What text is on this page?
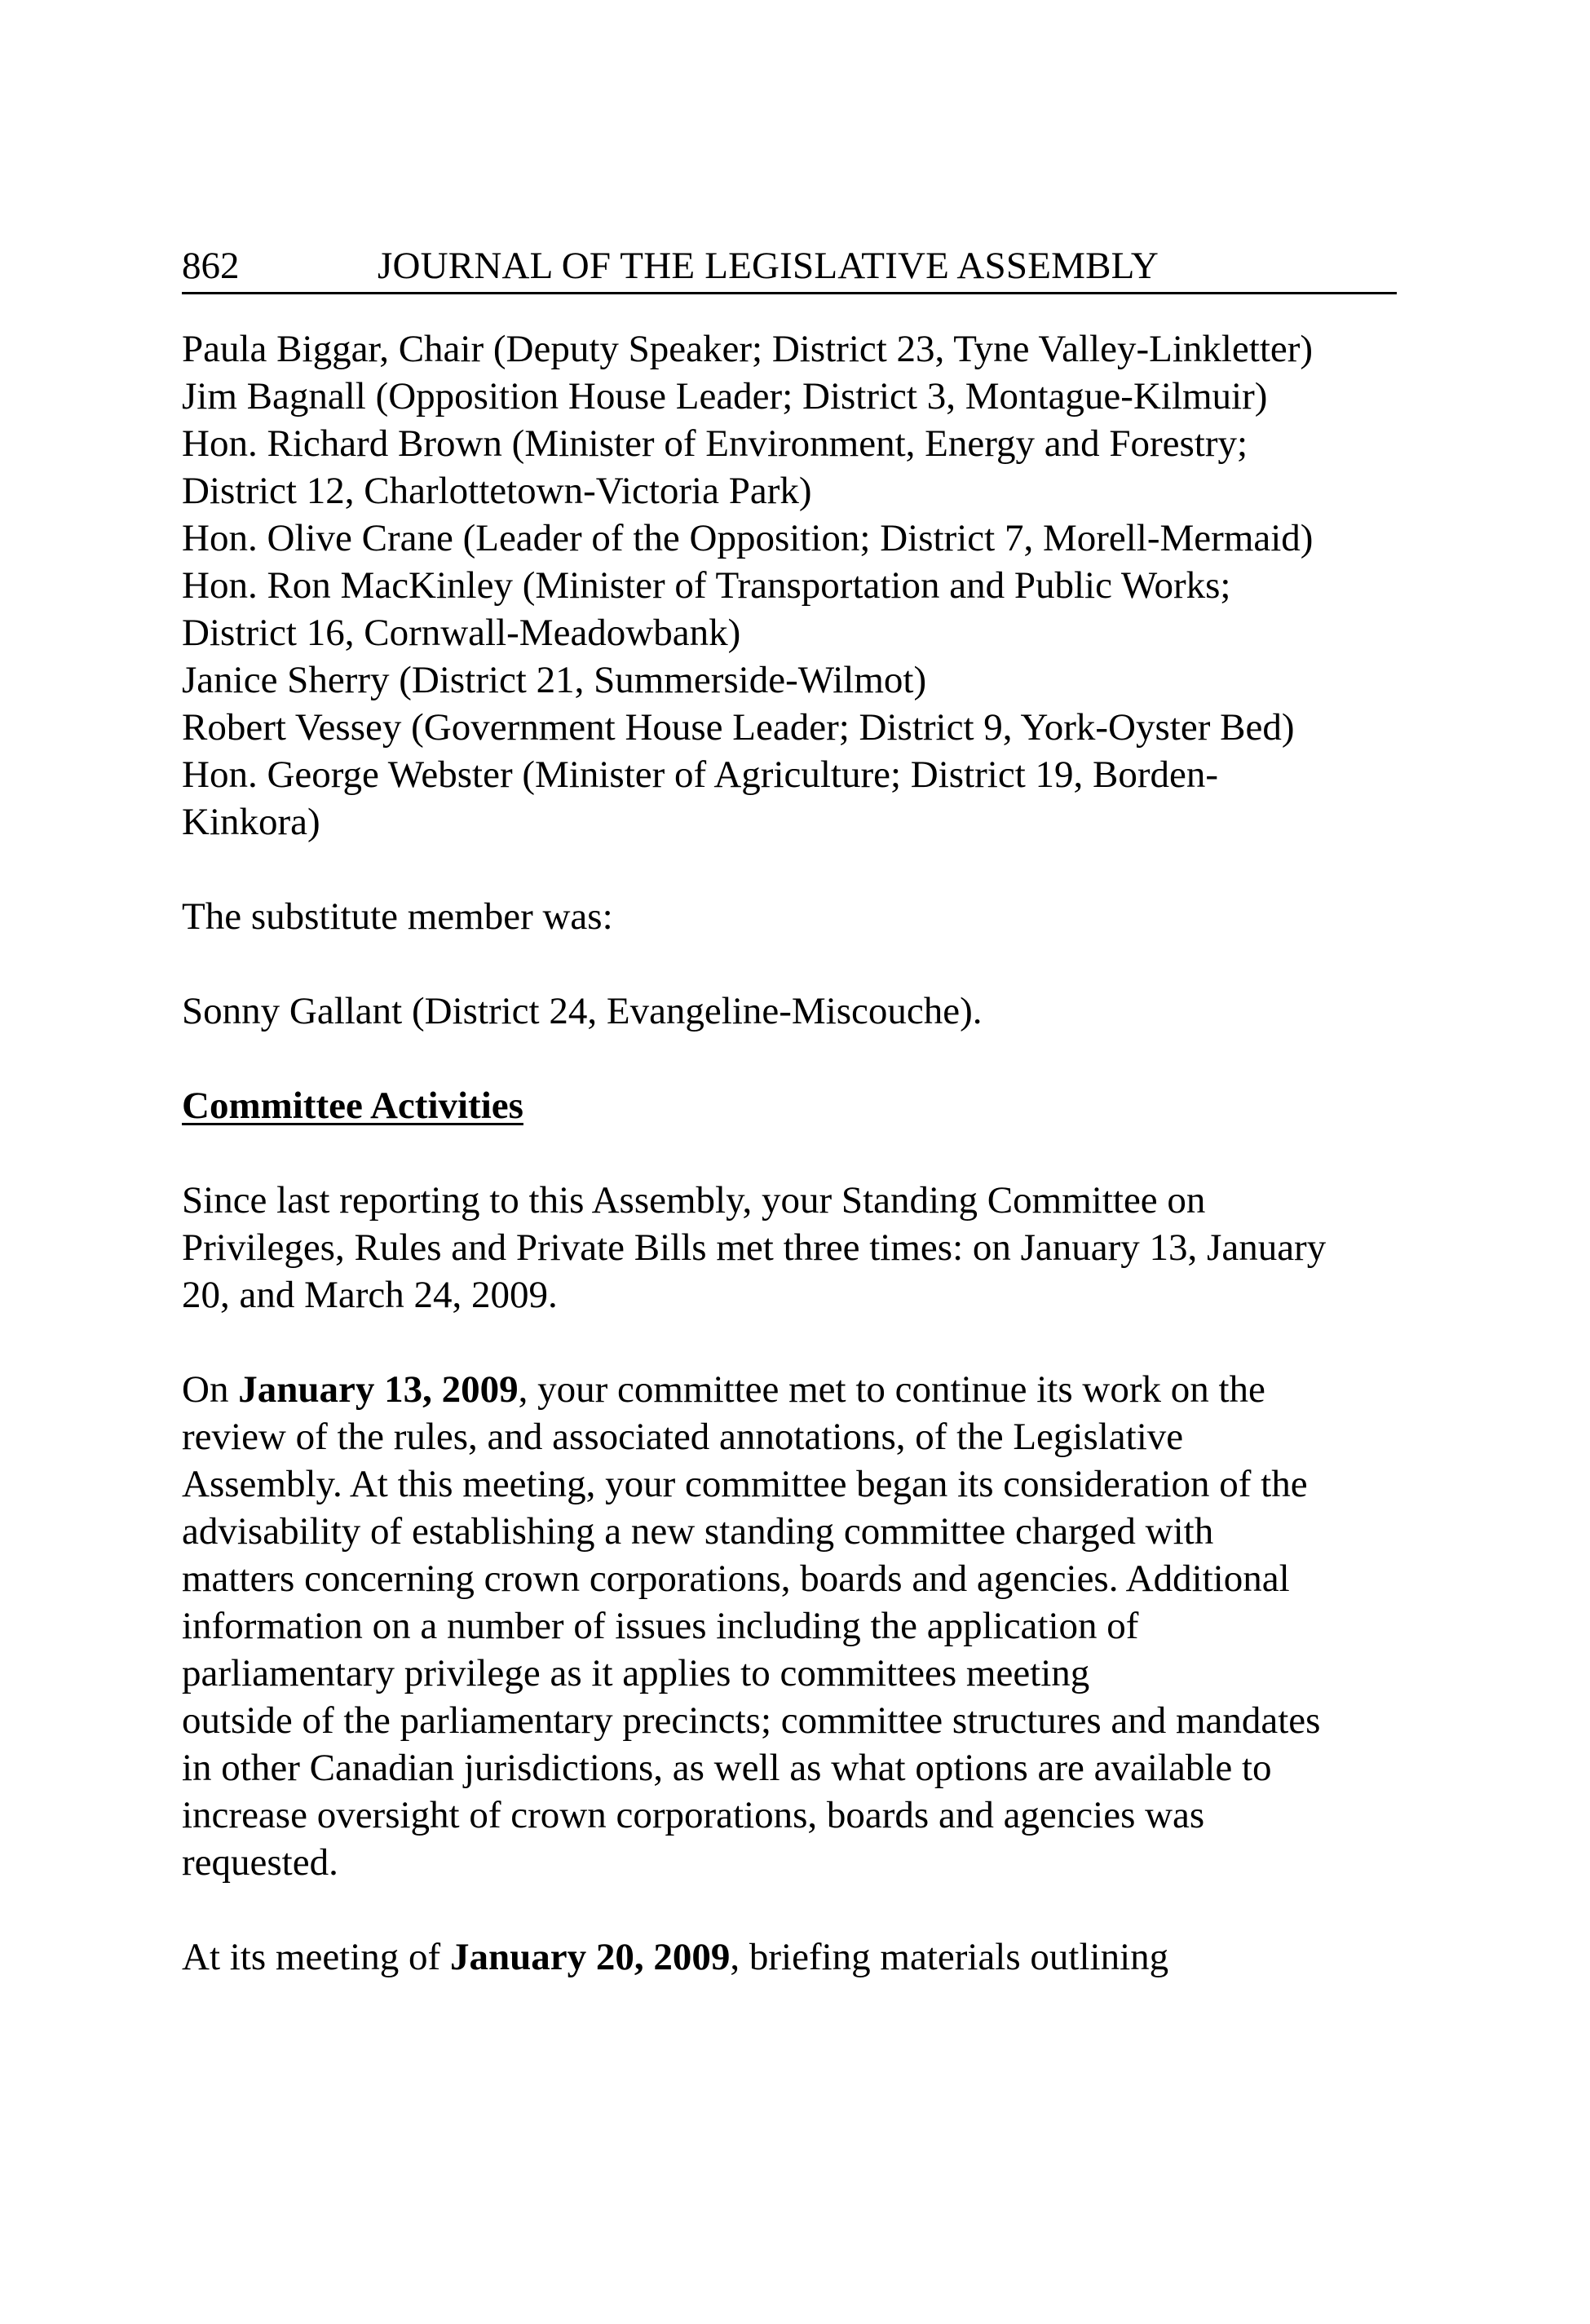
862	JOURNAL OF THE LEGISLATIVE ASSEMBLY
Paula Biggar, Chair (Deputy Speaker; District 23, Tyne Valley-Linkletter)
Jim Bagnall (Opposition House Leader; District 3, Montague-Kilmuir)
Hon. Richard Brown (Minister of Environment, Energy and Forestry;
District 12, Charlottetown-Victoria Park)
Hon. Olive Crane (Leader of the Opposition; District 7, Morell-Mermaid)
Hon. Ron MacKinley (Minister of Transportation and Public Works;
District 16, Cornwall-Meadowbank)
Janice Sherry (District 21, Summerside-Wilmot)
Robert Vessey (Government House Leader; District 9, York-Oyster Bed)
Hon. George Webster (Minister of Agriculture; District 19, Borden-
Kinkora)

The substitute member was:

Sonny Gallant (District 24, Evangeline-Miscouche).

Committee Activities

Since last reporting to this Assembly, your Standing Committee on
Privileges, Rules and Private Bills met three times: on January 13, January
20, and March 24, 2009.

On January 13, 2009, your committee met to continue its work on the
review of the rules, and associated annotations, of the Legislative
Assembly. At this meeting, your committee began its consideration of the
advisability of establishing a new standing committee charged with
matters concerning crown corporations, boards and agencies. Additional
information on a number of issues including the application of
parliamentary privilege as it applies to committees meeting
outside of the parliamentary precincts; committee structures and mandates
in other Canadian jurisdictions, as well as what options are available to
increase oversight of crown corporations, boards and agencies was
requested.

At its meeting of January 20, 2009, briefing materials outlining
